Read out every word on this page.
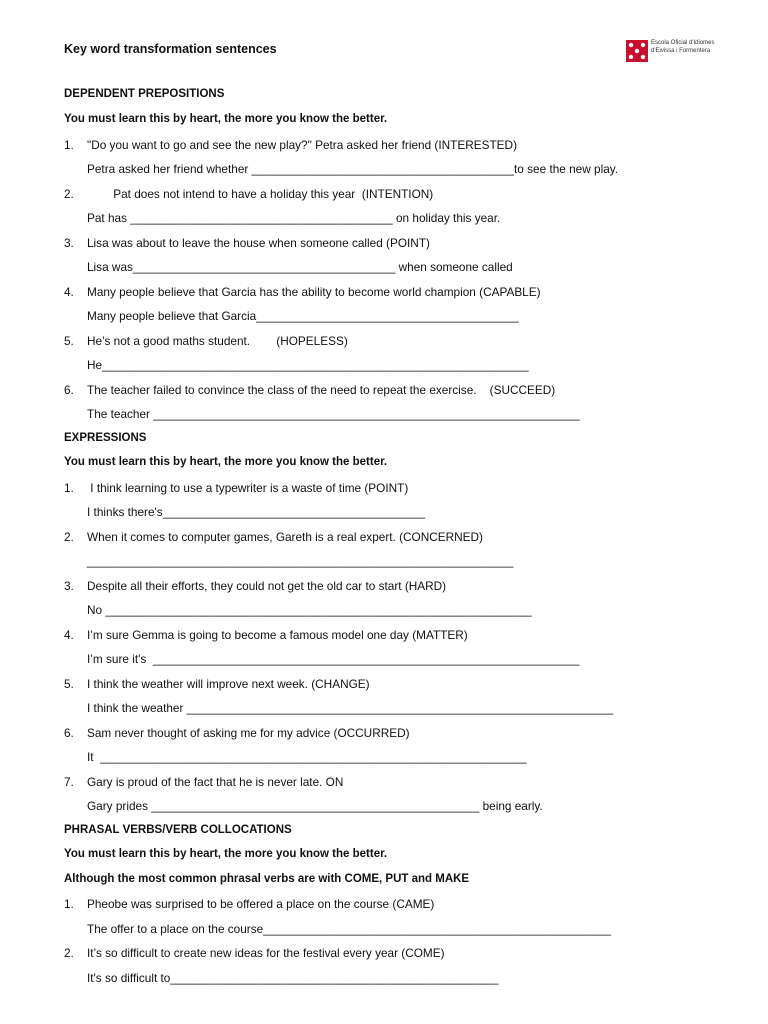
Key word transformation sentences	Escola Oficial d'Idiomes
d'Eivissa i Formentera
DEPENDENT PREPOSITIONS
You must learn this by heart, the more you know the better.
1. "Do you want to go and see the new play?" Petra asked her friend (INTERESTED)
Petra asked her friend whether ________________________________________to see the new play.
2. Pat does not intend to have a holiday this year  (INTENTION)
Pat has ________________________________________ on holiday this year.
3. Lisa was about to leave the house when someone called (POINT)
Lisa was________________________________________ when someone called
4. Many people believe that Garcia has the ability to become world champion (CAPABLE)
Many people believe that Garcia________________________________________
5. He’s not a good maths student.        (HOPELESS)
He_________________________________________________________________
6. The teacher failed to convince the class of the need to repeat the exercise.    (SUCCEED)
The teacher _________________________________________________________________
EXPRESSIONS
You must learn this by heart, the more you know the better.
1. I think learning to use a typewriter is a waste of time (POINT)
I thinks there's________________________________________
2. When it comes to computer games, Gareth is a real expert. (CONCERNED)
_________________________________________________________________
3. Despite all their efforts, they could not get the old car to start (HARD)
No _________________________________________________________________
4. I’m sure Gemma is going to become a famous model one day (MATTER)
I’m sure it's  _________________________________________________________________
5. I think the weather will improve next week. (CHANGE)
I think the weather _________________________________________________________________
6. Sam never thought of asking me for my advice (OCCURRED)
It  _________________________________________________________________
7. Gary is proud of the fact that he is never late. ON
Gary prides __________________________________________________ being early.
PHRASAL VERBS/VERB COLLOCATIONS
You must learn this by heart, the more you know the better.
Although the most common phrasal verbs are with COME, PUT and MAKE
1. Pheobe was surprised to be offered a place on the course (CAME)
The offer to a place on the course_____________________________________________________
2. It’s so difficult to create new ideas for the festival every year (COME)
It's so difficult to__________________________________________________
